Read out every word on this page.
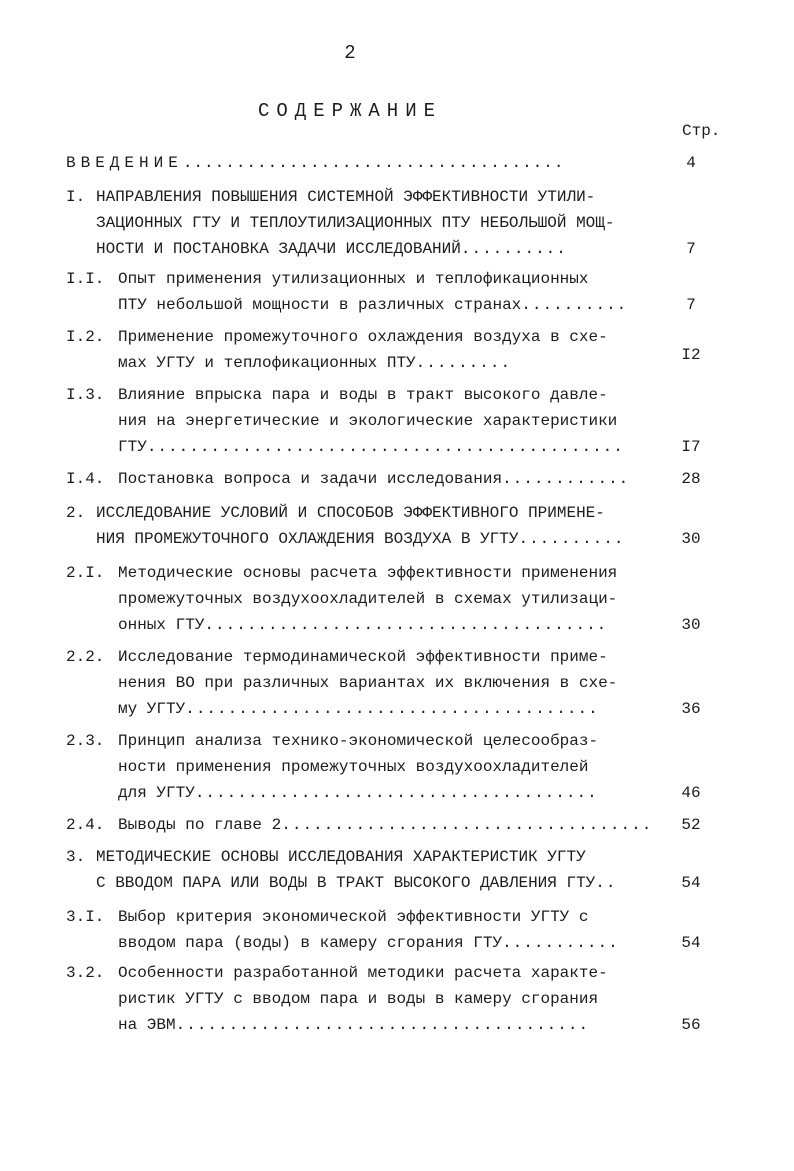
2
СОДЕРЖАНИЕ
Стр.
ВВЕДЕНИЕ....................................	4
I. НАПРАВЛЕНИЯ ПОВЫШЕНИЯ СИСТЕМНОЙ ЭФФЕКТИВНОСТИ УТИЛИ-
ЗАЦИОННЫХ ГТУ И ТЕПЛОУТИЛИЗАЦИОННЫХ ПТУ НЕБОЛЬШОЙ МОЩ-
НОСТИ И ПОСТАНОВКА ЗАДАЧИ ИССЛЕДОВАНИЙ..........	7
I.I. Опыт применения утилизационных и теплофикационных
ПТУ небольшой мощности в различных странах..........	7
I.2. Применение промежуточного охлаждения воздуха в схе-
мах УГТУ и теплофикационных ПТУ.........	I2
I.3. Влияние впрыска пара и воды в тракт высокого давле-
ния на энергетические и экологические характеристики
ГТУ.............................................	I7
I.4. Постановка вопроса и задачи исследования............	28
2. ИССЛЕДОВАНИЕ УСЛОВИЙ И СПОСОБОВ ЭФФЕКТИВНОГО ПРИМЕНЕ-
НИЯ ПРОМЕЖУТОЧНОГО ОХЛАЖДЕНИЯ ВОЗДУХА В УГТУ..........	30
2.I. Методические основы расчета эффективности применения
промежуточных воздухоохладителей в схемах утилизаци-
онных ГТУ......................................	30
2.2. Исследование термодинамической эффективности приме-
нения ВО при различных вариантах их включения в схе-
му УГТУ.......................................	36
2.3. Принцип анализа технико-экономической целесообраз-
ности применения промежуточных воздухоохладителей
для УГТУ......................................	46
2.4. Выводы по главе 2...................................	52
3. МЕТОДИЧЕСКИЕ ОСНОВЫ ИССЛЕДОВАНИЯ ХАРАКТЕРИСТИК УГТУ
С ВВОДОМ ПАРА ИЛИ ВОДЫ В ТРАКТ ВЫСОКОГО ДАВЛЕНИЯ ГТУ..	54
3.I. Выбор критерия экономической эффективности УГТУ с
вводом пара (воды) в камеру сгорания ГТУ...........	54
3.2. Особенности разработанной методики расчета характе-
ристик УГТУ с вводом пара и воды в камеру сгорания
на ЭВМ.......................................	56
